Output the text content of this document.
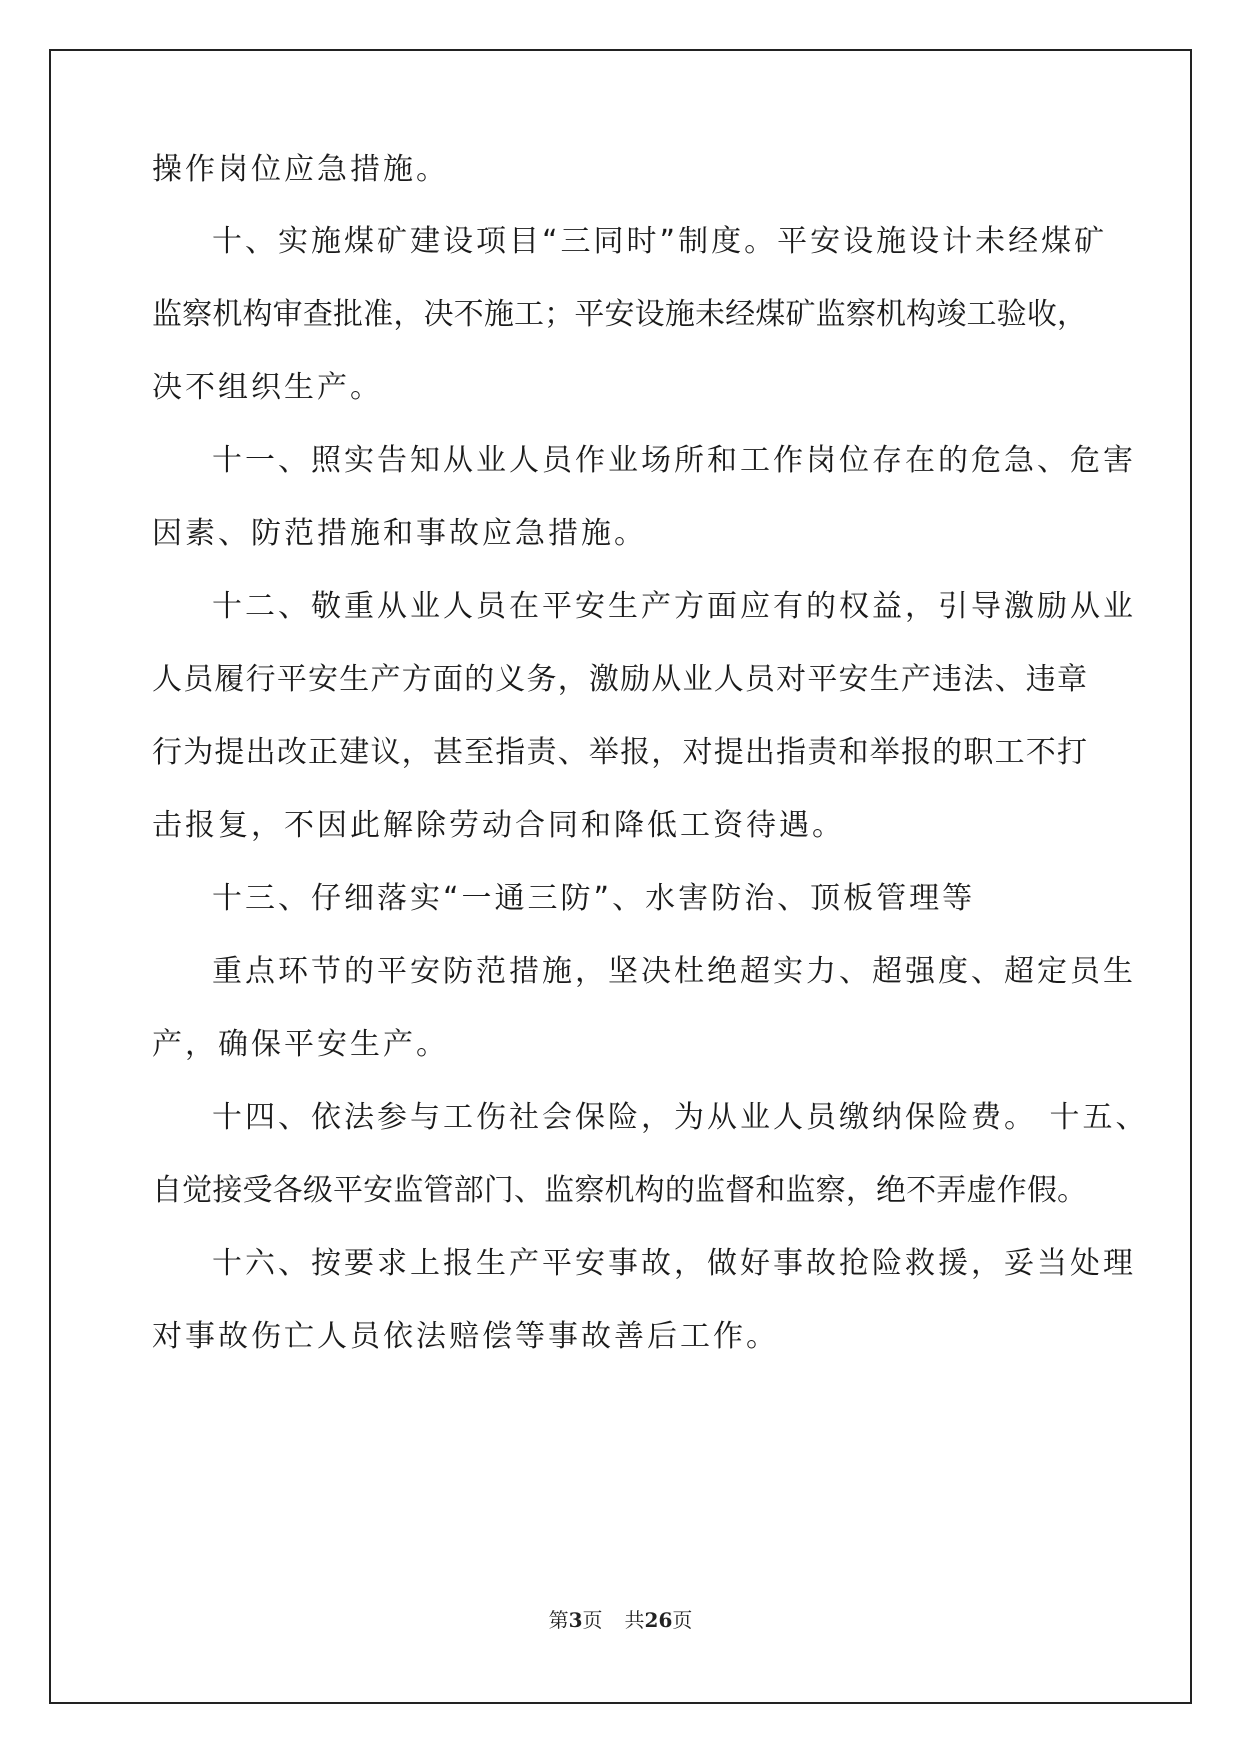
操作岗位应急措施。
十、实施煤矿建设项目“三同时”制度。平安设施设计未经煤矿
监察机构审查批准，决不施工；平安设施未经煤矿监察机构竣工验收，
决不组织生产。
十一、照实告知从业人员作业场所和工作岗位存在的危急、危害
因素、防范措施和事故应急措施。
十二、敬重从业人员在平安生产方面应有的权益，引导激励从业
人员履行平安生产方面的义务，激励从业人员对平安生产违法、违章
行为提出改正建议，甚至指责、举报，对提出指责和举报的职工不打
击报复，不因此解除劳动合同和降低工资待遇。
十三、仔细落实“一通三防”、水害防治、顶板管理等
重点环节的平安防范措施，坚决杜绝超实力、超强度、超定员生
产，确保平安生产。
十四、依法参与工伤社会保险，为从业人员缴纳保险费。 十五、
自觉接受各级平安监管部门、监察机构的监督和监察，绝不弄虚作假。
十六、按要求上报生产平安事故，做好事故抢险救援，妥当处理
对事故伤亡人员依法赔偿等事故善后工作。
第3页 共26页
